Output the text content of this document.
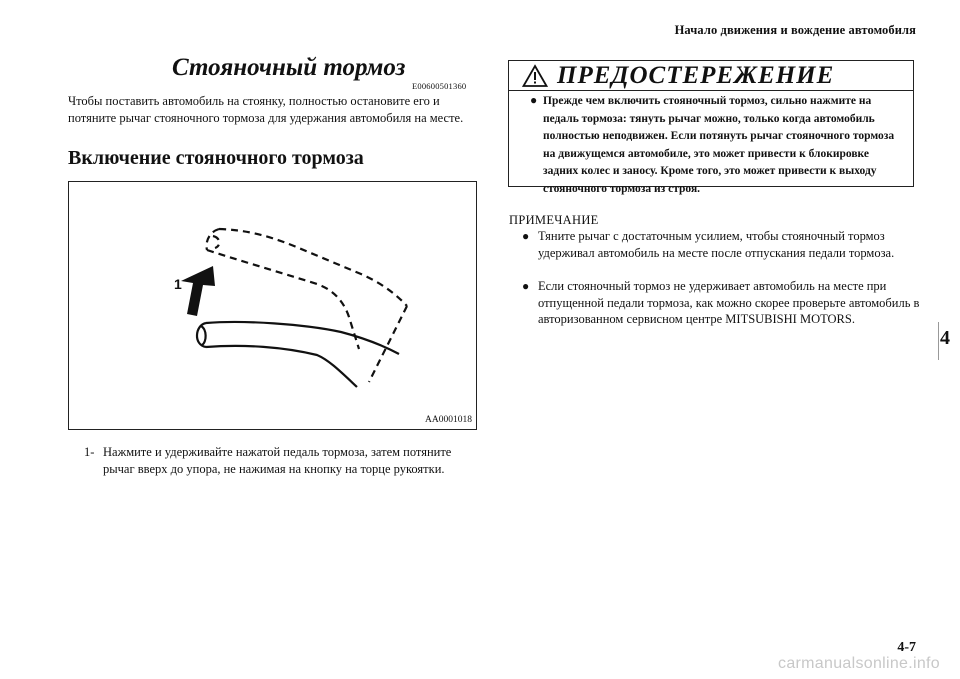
Начало движения и вождение автомобиля
Стояночный тормоз
E00600501360
Чтобы поставить автомобиль на стоянку, полностью остановите его и потяните рычаг стояночного тормоза для удержания автомобиля на месте.
Включение стояночного тормоза
1
AA0001018
1- Нажмите и удерживайте нажатой педаль тормоза, затем потяните рычаг вверх до упора, не нажимая на кнопку на торце рукоятки.
ПРЕДОСТЕРЕЖЕНИЕ
● Прежде чем включить стояночный тормоз, сильно нажмите на педаль тормоза: тянуть рычаг можно, только когда автомобиль полностью неподвижен. Если потянуть рычаг стояночного тормоза на движущемся автомобиле, это может привести к блокировке задних колес и заносу. Кроме того, это может привести к выходу стояночного тормоза из строя.
ПРИМЕЧАНИЕ
● Тяните рычаг с достаточным усилием, чтобы стояночный тормоз удерживал автомобиль на месте после отпускания педали тормоза.
● Если стояночный тормоз не удерживает автомобиль на месте при отпущенной педали тормоза, как можно скорее проверьте автомобиль в авторизованном сервисном центре MITSUBISHI MOTORS.
4
4-7
carmanualsonline.info
